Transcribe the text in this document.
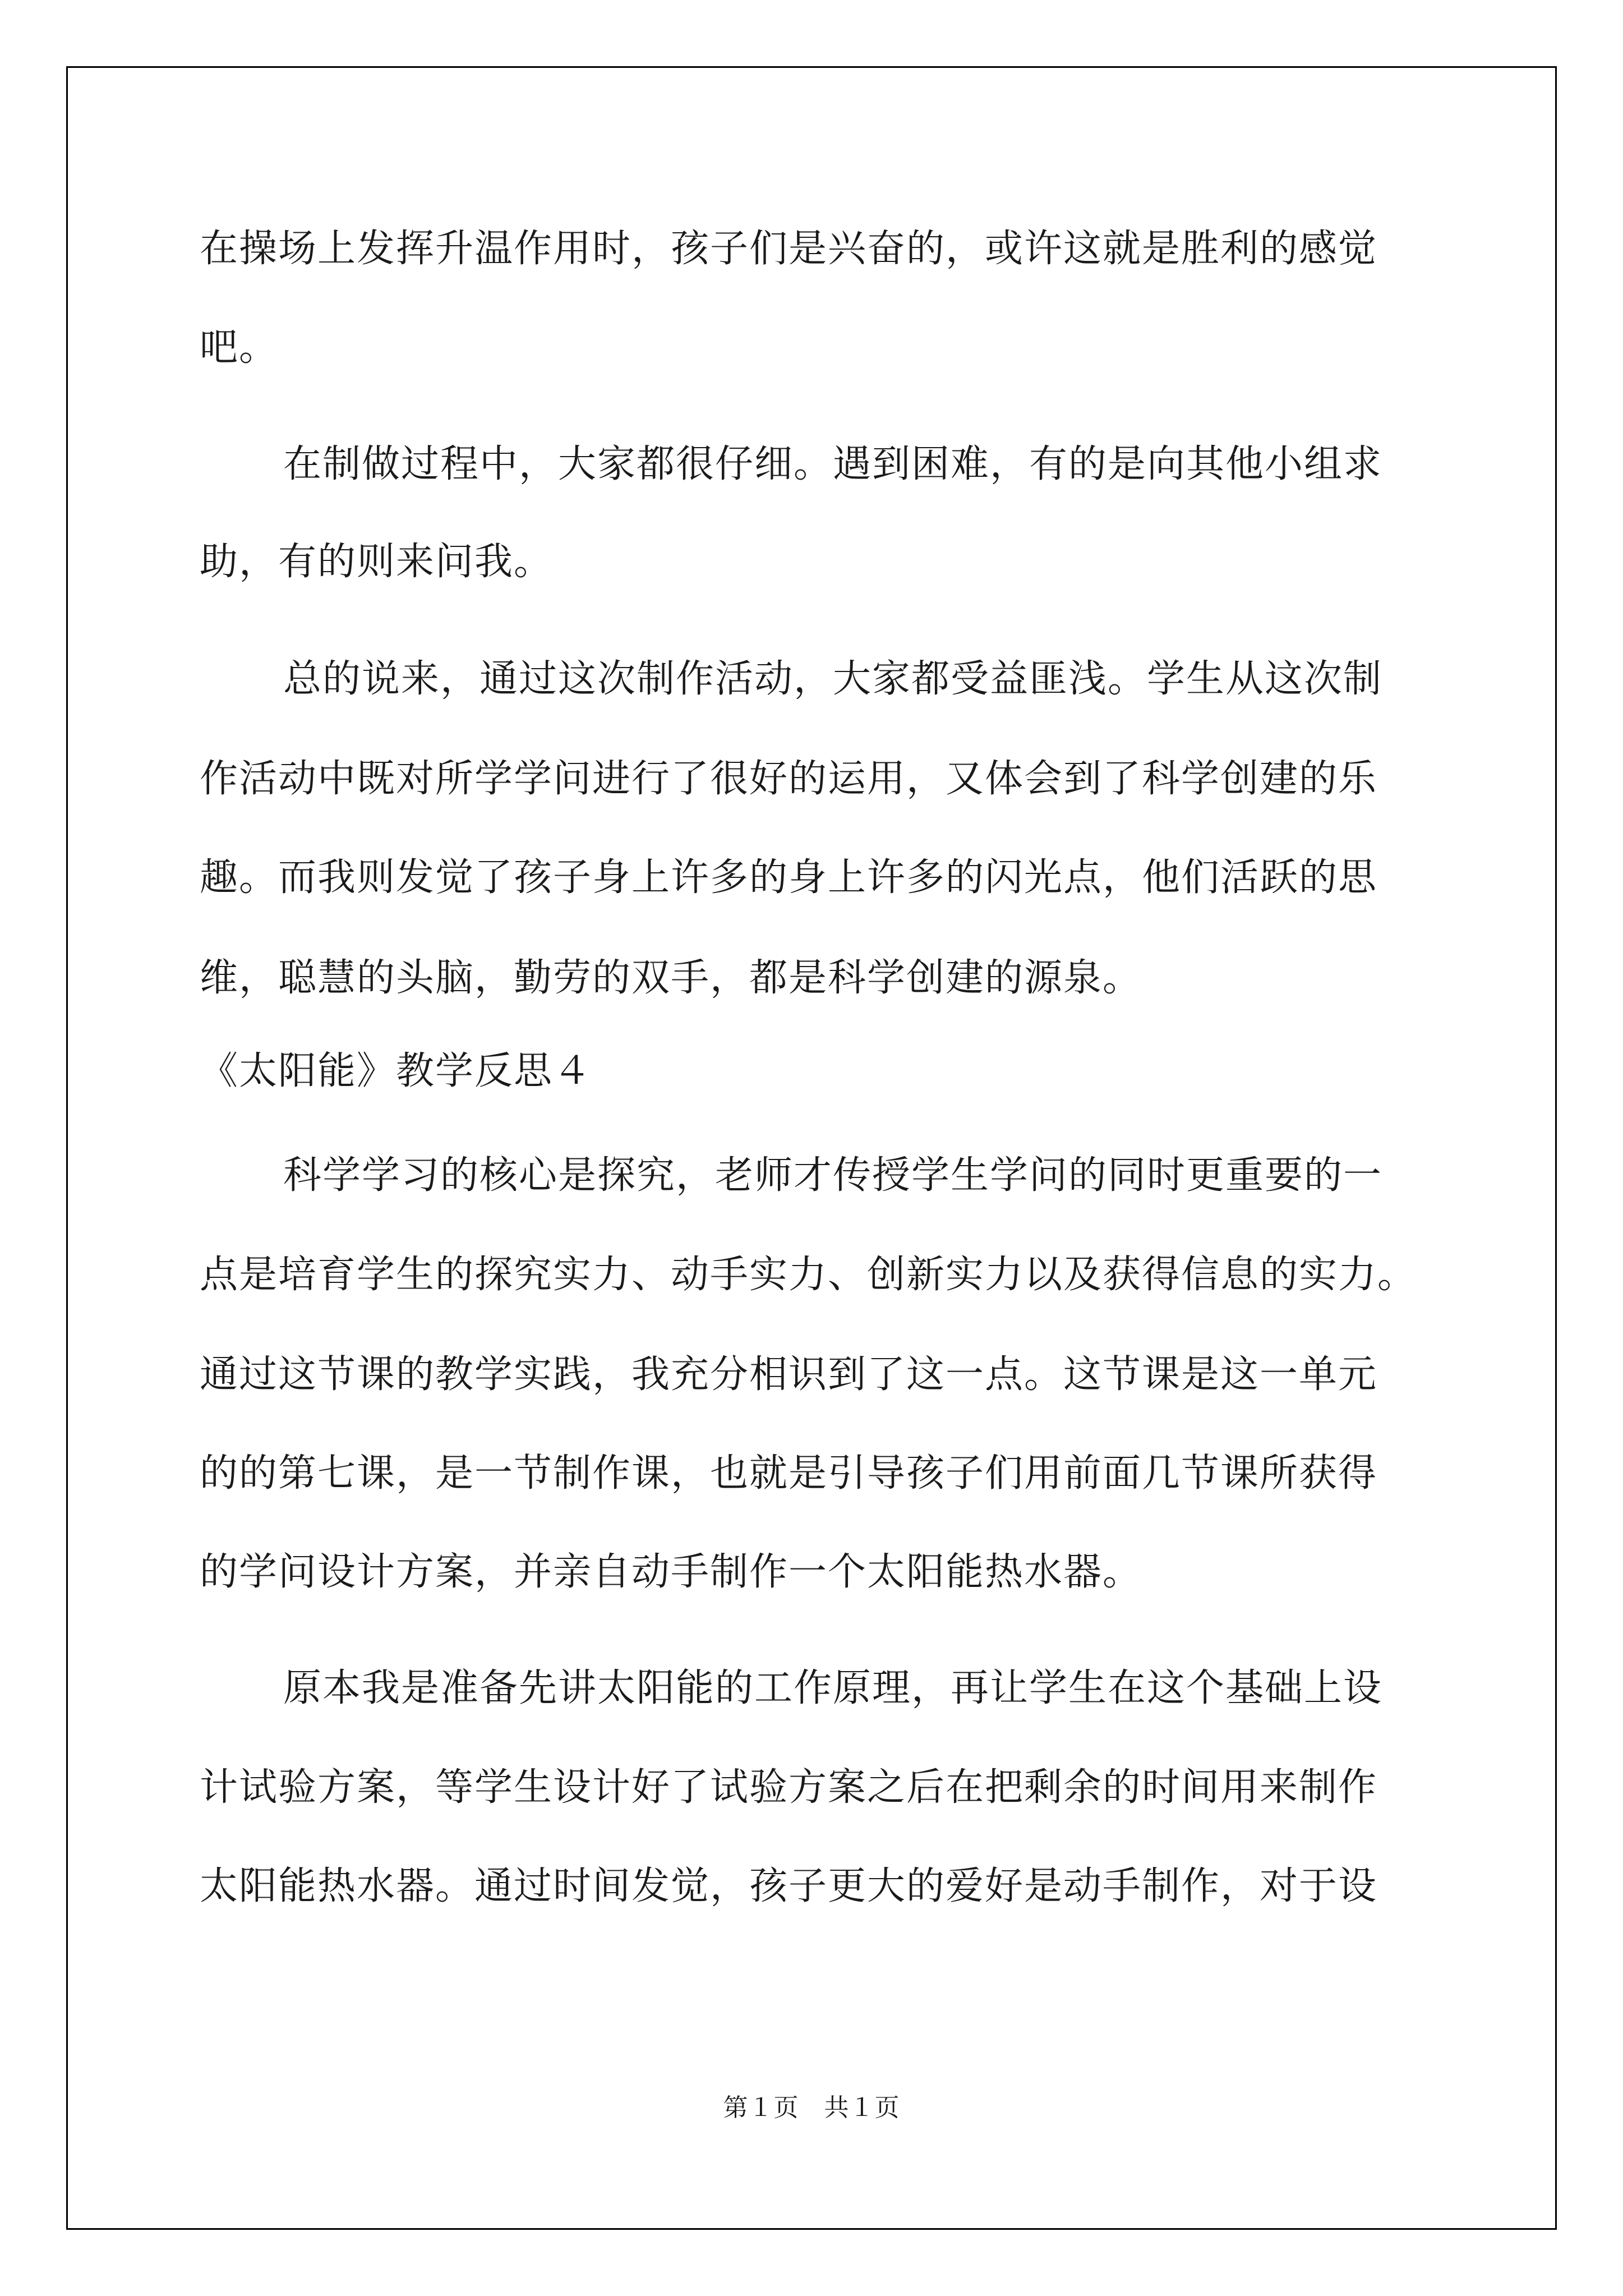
在操场上发挥升温作用时，孩子们是兴奋的，或许这就是胜利的感觉
吧。
在制做过程中，大家都很仔细。遇到困难，有的是向其他小组求
助，有的则来问我。
总的说来，通过这次制作活动，大家都受益匪浅。学生从这次制
作活动中既对所学学问进行了很好的运用，又体会到了科学创建的乐
趣。而我则发觉了孩子身上许多的身上许多的闪光点，他们活跃的思
维，聪慧的头脑，勤劳的双手，都是科学创建的源泉。
《太阳能》教学反思４
科学学习的核心是探究，老师才传授学生学问的同时更重要的一
点是培育学生的探究实力、动手实力、创新实力以及获得信息的实力。
通过这节课的教学实践，我充分相识到了这一点。这节课是这一单元
的的第七课，是一节制作课，也就是引导孩子们用前面几节课所获得
的学问设计方案，并亲自动手制作一个太阳能热水器。
原本我是准备先讲太阳能的工作原理，再让学生在这个基础上设
计试验方案，等学生设计好了试验方案之后在把剩余的时间用来制作
太阳能热水器。通过时间发觉，孩子更大的爱好是动手制作，对于设
第１页　共１页
